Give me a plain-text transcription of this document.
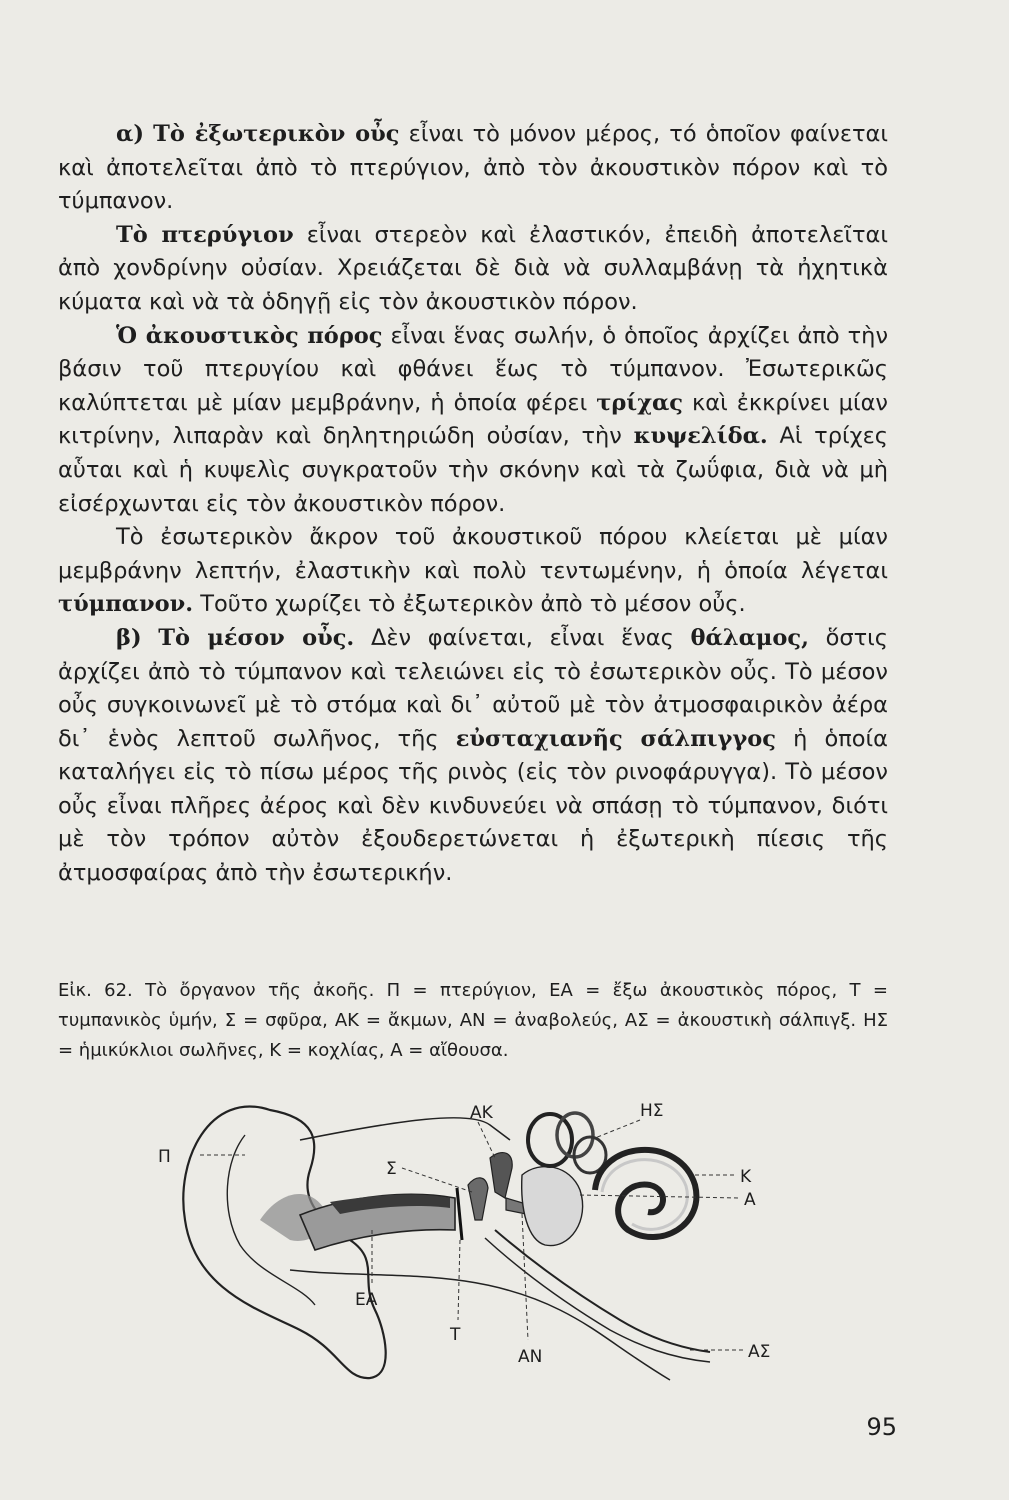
α) Τὸ ἐξωτερικὸν οὖς εἶναι τὸ μόνον μέρος, τό ὁποῖον φαίνεται καὶ ἀποτελεῖται ἀπὸ τὸ πτερύγιον, ἀπὸ τὸν ἀκουστικὸν πόρον καὶ τὸ τύμπανον.

Τὸ πτερύγιον εἶναι στερεὸν καὶ ἐλαστικόν, ἐπειδὴ ἀποτελεῖται ἀπὸ χονδρίνην οὐσίαν. Χρειάζεται δὲ διὰ νὰ συλλαμβάνῃ τὰ ἠχητικὰ κύματα καὶ νὰ τὰ ὁδηγῇ εἰς τὸν ἀκουστικὸν πόρον.

Ὁ ἀκουστικὸς πόρος εἶναι ἕνας σωλήν, ὁ ὁποῖος ἀρχίζει ἀπὸ τὴν βάσιν τοῦ πτερυγίου καὶ φθάνει ἕως τὸ τύμπανον. Ἐσωτερικῶς καλύπτεται μὲ μίαν μεμβράνην, ἡ ὁποία φέρει τρίχας καὶ ἐκκρίνει μίαν κιτρίνην, λιπαρὰν καὶ δηλητηριώδη οὐσίαν, τὴν κυψελίδα. Αἱ τρίχες αὗται καὶ ἡ κυψελὶς συγκρατοῦν τὴν σκόνην καὶ τὰ ζωΰφια, διὰ νὰ μὴ εἰσέρχωνται εἰς τὸν ἀκουστικὸν πόρον.

Τὸ ἐσωτερικὸν ἄκρον τοῦ ἀκουστικοῦ πόρου κλείεται μὲ μίαν μεμβράνην λεπτήν, ἐλαστικὴν καὶ πολὺ τεντωμένην, ἡ ὁποία λέγεται τύμπανον. Τοῦτο χωρίζει τὸ ἐξωτερικὸν ἀπὸ τὸ μέσον οὖς.

β) Τὸ μέσον οὖς. Δὲν φαίνεται, εἶναι ἕνας θάλαμος, ὅστις ἀρχίζει ἀπὸ τὸ τύμπανον καὶ τελειώνει εἰς τὸ ἐσωτερικὸν οὖς. Τὸ μέσον οὖς συγκοινωνεῖ μὲ τὸ στόμα καὶ δι᾿ αὐτοῦ μὲ τὸν ἀτμοσφαιρικὸν ἀέρα δι᾿ ἑνὸς λεπτοῦ σωλῆνος, τῆς εὐσταχιανῆς σάλπιγγος ἡ ὁποία καταλήγει εἰς τὸ πίσω μέρος τῆς ρινὸς (εἰς τὸν ρινοφάρυγγα). Τὸ μέσον οὖς εἶναι πλῆρες ἀέρος καὶ δὲν κινδυνεύει νὰ σπάσῃ τὸ τύμπανον, διότι μὲ τὸν τρόπον αὐτὸν ἐξουδερετώνεται ἡ ἐξωτερικὴ πίεσις τῆς ἀτμοσφαίρας ἀπὸ τὴν ἐσωτερικήν.

Εἰκ. 62. Τὸ ὄργανον τῆς ἀκοῆς. Π = πτερύγιον, ΕΑ = ἔξω ἀκουστικὸς πόρος, Τ = τυμπανικὸς ὑμήν, Σ = σφῦρα, ΑΚ = ἄκμων, ΑΝ = ἀναβολεύς, ΑΣ = ἀκουστικὴ σάλπιγξ. ΗΣ = ἡμικύκλιοι σωλῆνες, Κ = κοχλίας, Α = αἴθουσα.
Π
Σ
ΕΑ
Τ
ΑΚ
ΑΝ
ΗΣ
Κ
Α
ΑΣ
95
